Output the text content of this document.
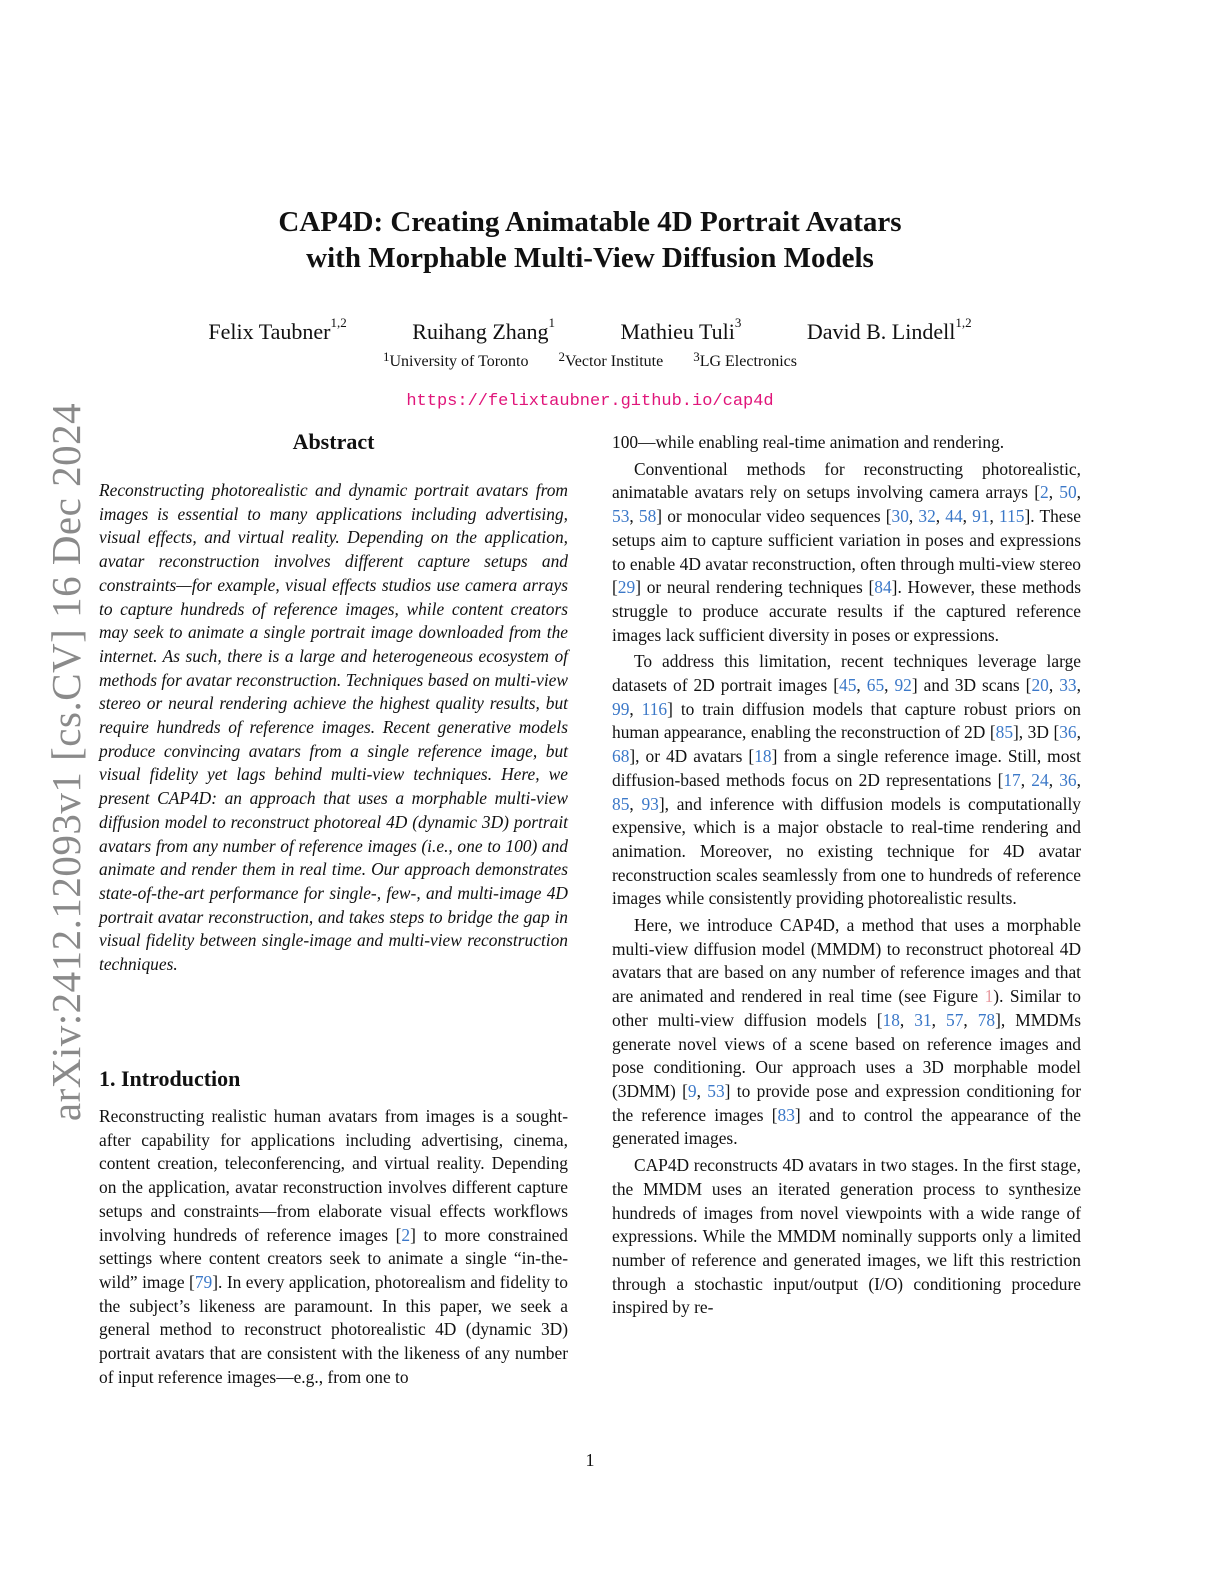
arXiv:2412.12093v1 [cs.CV] 16 Dec 2024
CAP4D: Creating Animatable 4D Portrait Avatars
with Morphable Multi-View Diffusion Models
Felix Taubner$^{1,2}$	Ruihang Zhang$^1$	Mathieu Tuli$^3$	David B. Lindell$^{1,2}$
$^1$University of Toronto $^2$Vector Institute $^3$LG Electronics
https://felixtaubner.github.io/cap4d
Abstract

Reconstructing photorealistic and dynamic portrait avatars from images is essential to many applications including advertising, visual effects, and virtual reality. Depending on the application, avatar reconstruction involves different capture setups and constraints—for example, visual effects studios use camera arrays to capture hundreds of reference images, while content creators may seek to animate a single portrait image downloaded from the internet. As such, there is a large and heterogeneous ecosystem of methods for avatar reconstruction. Techniques based on multi-view stereo or neural rendering achieve the highest quality results, but require hundreds of reference images. Recent generative models produce convincing avatars from a single reference image, but visual fidelity yet lags behind multi-view techniques. Here, we present CAP4D: an approach that uses a morphable multi-view diffusion model to reconstruct photoreal 4D (dynamic 3D) portrait avatars from any number of reference images (i.e., one to 100) and animate and render them in real time. Our approach demonstrates state-of-the-art performance for single-, few-, and multi-image 4D portrait avatar reconstruction, and takes steps to bridge the gap in visual fidelity between single-image and multi-view reconstruction techniques.

1. Introduction

Reconstructing realistic human avatars from images is a sought-after capability for applications including advertising, cinema, content creation, teleconferencing, and virtual reality. Depending on the application, avatar reconstruction involves different capture setups and constraints—from elaborate visual effects workflows involving hundreds of reference images [2] to more constrained settings where content creators seek to animate a single “in-the-wild” image [79]. In every application, photorealism and fidelity to the subject’s likeness are paramount. In this paper, we seek a general method to reconstruct photorealistic 4D (dynamic 3D) portrait avatars that are consistent with the likeness of any number of input reference images—e.g., from one to

100—while enabling real-time animation and rendering.

Conventional methods for reconstructing photorealistic, animatable avatars rely on setups involving camera arrays [2, 50, 53, 58] or monocular video sequences [30, 32, 44, 91, 115]. These setups aim to capture sufficient variation in poses and expressions to enable 4D avatar reconstruction, often through multi-view stereo [29] or neural rendering techniques [84]. However, these methods struggle to produce accurate results if the captured reference images lack sufficient diversity in poses or expressions.

To address this limitation, recent techniques leverage large datasets of 2D portrait images [45, 65, 92] and 3D scans [20, 33, 99, 116] to train diffusion models that capture robust priors on human appearance, enabling the reconstruction of 2D [85], 3D [36, 68], or 4D avatars [18] from a single reference image. Still, most diffusion-based methods focus on 2D representations [17, 24, 36, 85, 93], and inference with diffusion models is computationally expensive, which is a major obstacle to real-time rendering and animation. Moreover, no existing technique for 4D avatar reconstruction scales seamlessly from one to hundreds of reference images while consistently providing photorealistic results.

Here, we introduce CAP4D, a method that uses a morphable multi-view diffusion model (MMDM) to reconstruct photoreal 4D avatars that are based on any number of reference images and that are animated and rendered in real time (see Figure 1). Similar to other multi-view diffusion models [18, 31, 57, 78], MMDMs generate novel views of a scene based on reference images and pose conditioning. Our approach uses a 3D morphable model (3DMM) [9, 53] to provide pose and expression conditioning for the reference images [83] and to control the appearance of the generated images.

CAP4D reconstructs 4D avatars in two stages. In the first stage, the MMDM uses an iterated generation process to synthesize hundreds of images from novel viewpoints with a wide range of expressions. While the MMDM nominally supports only a limited number of reference and generated images, we lift this restriction through a stochastic input/output (I/O) conditioning procedure inspired by re-

1
